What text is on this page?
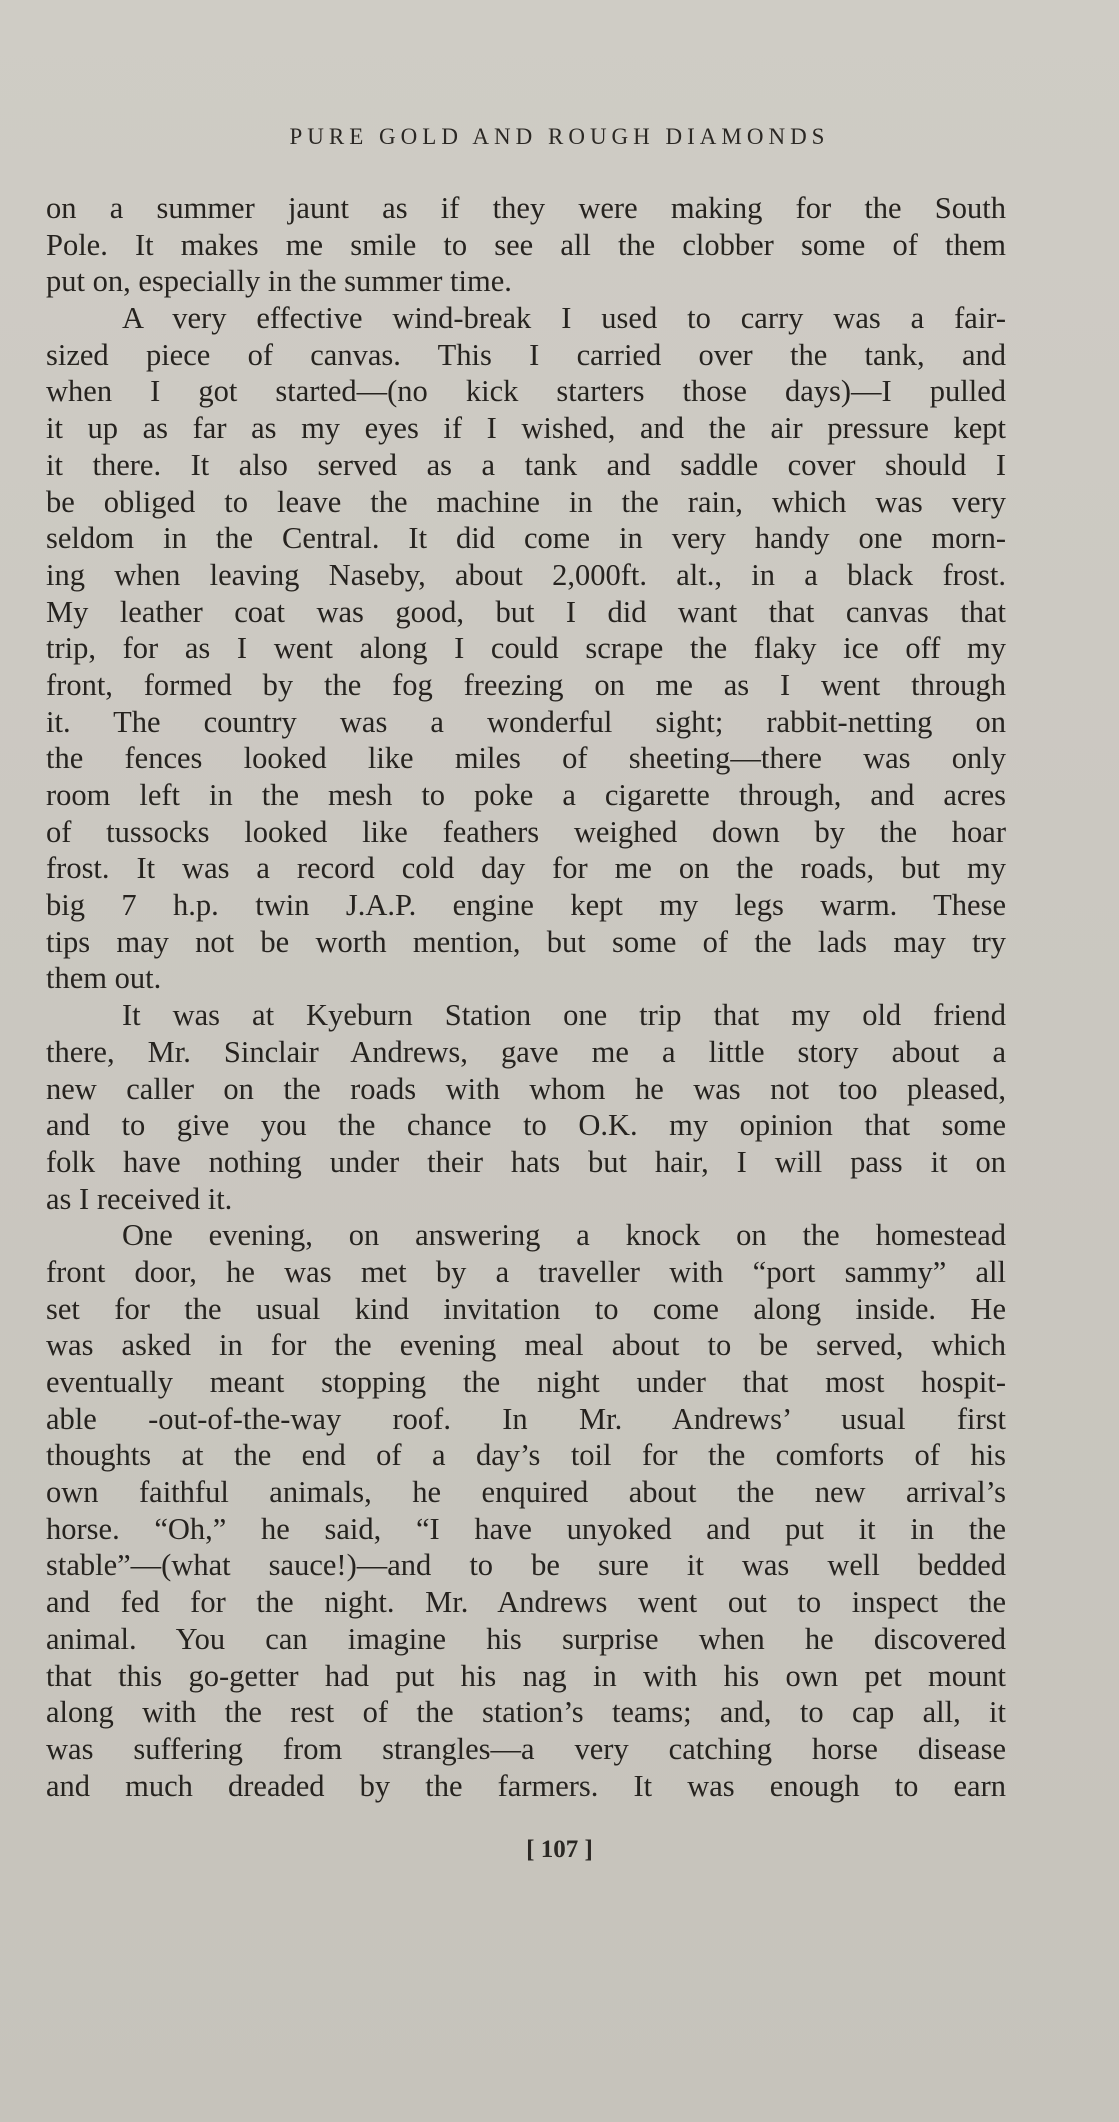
PURE GOLD AND ROUGH DIAMONDS
on a summer jaunt as if they were making for the South
Pole. It makes me smile to see all the clobber some of them
put on, especially in the summer time.
A very effective wind-break I used to carry was a fair-
sized piece of canvas. This I carried over the tank, and
when I got started—(no kick starters those days)—I pulled
it up as far as my eyes if I wished, and the air pressure kept
it there. It also served as a tank and saddle cover should I
be obliged to leave the machine in the rain, which was very
seldom in the Central. It did come in very handy one morn-
ing when leaving Naseby, about 2,000ft. alt., in a black frost.
My leather coat was good, but I did want that canvas that
trip, for as I went along I could scrape the flaky ice off my
front, formed by the fog freezing on me as I went through
it. The country was a wonderful sight; rabbit-netting on
the fences looked like miles of sheeting—there was only
room left in the mesh to poke a cigarette through, and acres
of tussocks looked like feathers weighed down by the hoar
frost. It was a record cold day for me on the roads, but my
big 7 h.p. twin J.A.P. engine kept my legs warm. These
tips may not be worth mention, but some of the lads may try
them out.
It was at Kyeburn Station one trip that my old friend
there, Mr. Sinclair Andrews, gave me a little story about a
new caller on the roads with whom he was not too pleased,
and to give you the chance to O.K. my opinion that some
folk have nothing under their hats but hair, I will pass it on
as I received it.
One evening, on answering a knock on the homestead
front door, he was met by a traveller with “port sammy” all
set for the usual kind invitation to come along inside. He
was asked in for the evening meal about to be served, which
eventually meant stopping the night under that most hospit-
able -out-of-the-way roof. In Mr. Andrews’ usual first
thoughts at the end of a day’s toil for the comforts of his
own faithful animals, he enquired about the new arrival’s
horse. “Oh,” he said, “I have unyoked and put it in the
stable”—(what sauce!)—and to be sure it was well bedded
and fed for the night. Mr. Andrews went out to inspect the
animal. You can imagine his surprise when he discovered
that this go-getter had put his nag in with his own pet mount
along with the rest of the station’s teams; and, to cap all, it
was suffering from strangles—a very catching horse disease
and much dreaded by the farmers. It was enough to earn
[ 107 ]
